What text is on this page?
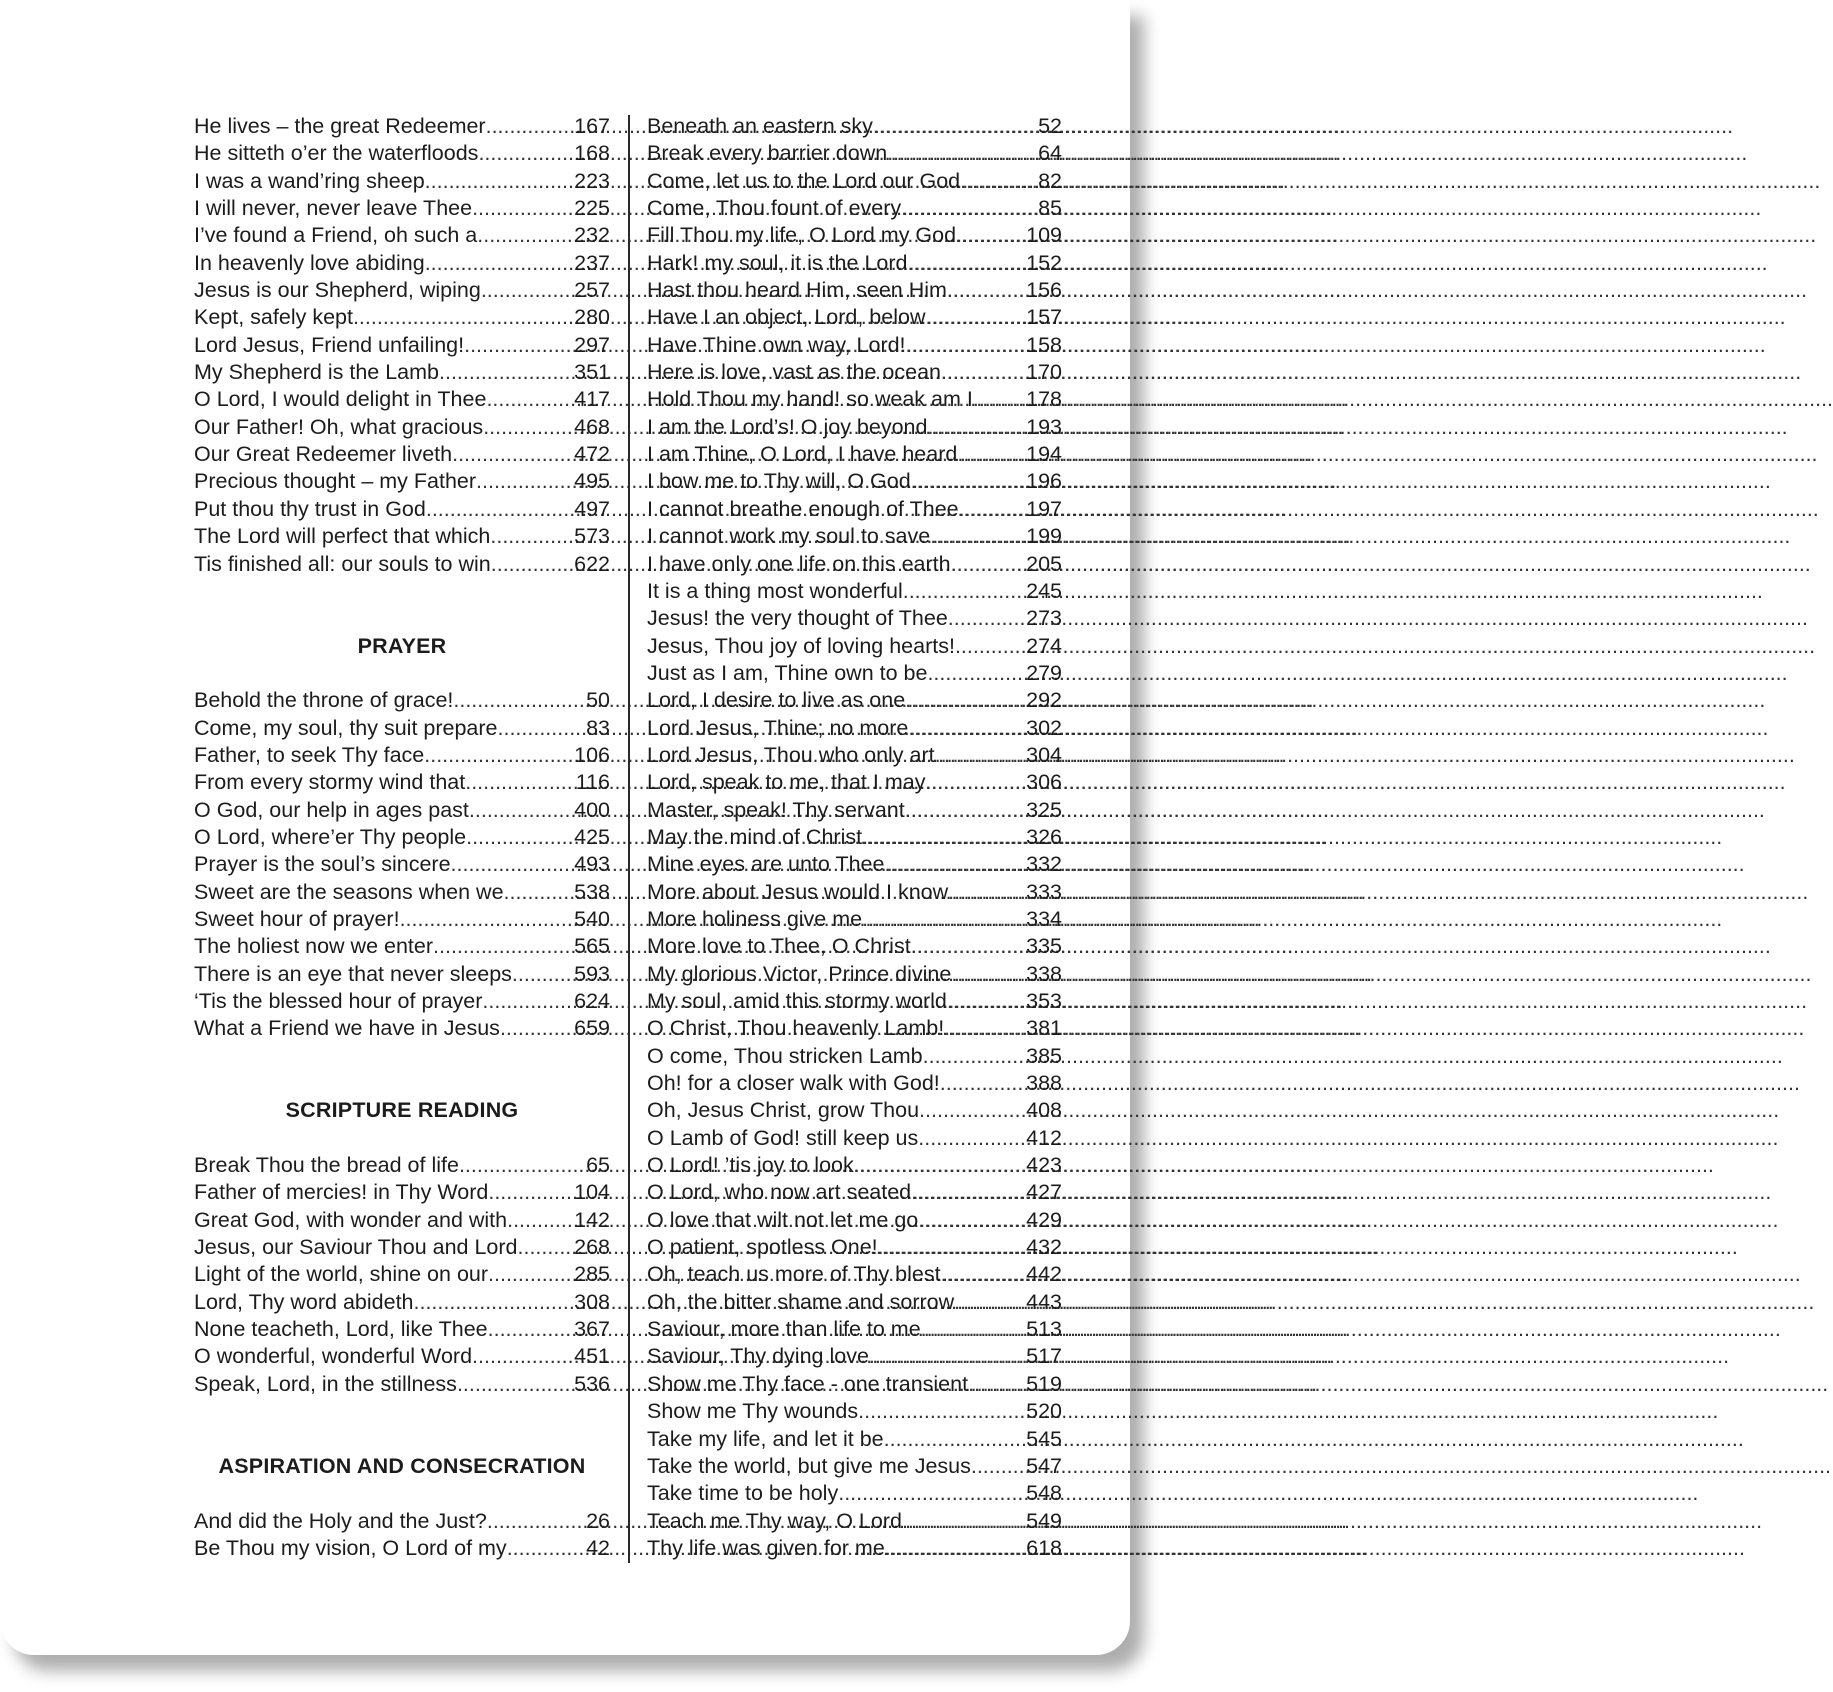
He lives – the great Redeemer .....	167
He sitteth o’er the waterfloods .....	168
I was a wand’ring sheep .....	223
I will never, never leave Thee .....	225
I’ve found a Friend, oh such a .....	232
In heavenly love abiding .....	237
Jesus is our Shepherd, wiping .....	257
Kept, safely kept .....	280
Lord Jesus, Friend unfailing! .....	297
My Shepherd is the Lamb .....	351
O Lord, I would delight in Thee .....	417
Our Father! Oh, what gracious .....	468
Our Great Redeemer liveth .....	472
Precious thought – my Father .....	495
Put thou thy trust in God .....	497
The Lord will perfect that which .....	573
Tis finished all: our souls to win .....	622
PRAYER
Behold the throne of grace! .....	50
Come, my soul, thy suit prepare .....	83
Father, to seek Thy face .....	106
From every stormy wind that .....	116
O God, our help in ages past .....	400
O Lord, where’er Thy people .....	425
Prayer is the soul’s sincere .....	493
Sweet are the seasons when we .....	538
Sweet hour of prayer! .....	540
The holiest now we enter .....	565
There is an eye that never sleeps .....	593
‘Tis the blessed hour of prayer .....	624
What a Friend we have in Jesus .....	659
SCRIPTURE READING
Break Thou the bread of life .....	65
Father of mercies! in Thy Word .....	104
Great God, with wonder and with .....	142
Jesus, our Saviour Thou and Lord .....	268
Light of the world, shine on our .....	285
Lord, Thy word abideth .....	308
None teacheth, Lord, like Thee .....	367
O wonderful, wonderful Word .....	451
Speak, Lord, in the stillness .....	536
ASPIRATION AND CONSECRATION
And did the Holy and the Just? .....	26
Be Thou my vision, O Lord of my .....	42
Beneath an eastern sky .....	52
Break every barrier down .....	64
Come, let us to the Lord our God .....	82
Come, Thou fount of every .....	85
Fill Thou my life, O Lord my God .....	109
Hark! my soul, it is the Lord .....	152
Hast thou heard Him, seen Him .....	156
Have I an object, Lord, below .....	157
Have Thine own way, Lord! .....	158
Here is love, vast as the ocean .....	170
Hold Thou my hand! so weak am I ..... 178
I am the Lord’s! O joy beyond .....	193
I am Thine, O Lord, I have heard .....	194
I bow me to Thy will, O God .....	196
I cannot breathe enough of Thee .....	197
I cannot work my soul to save .....	199
I have only one life on this earth .....	205
It is a thing most wonderful .....	245
Jesus! the very thought of Thee .....	273
Jesus, Thou joy of loving hearts! .....	274
Just as I am, Thine own to be .....	279
Lord, I desire to live as one .....	292
Lord Jesus, Thine; no more .....	302
Lord Jesus, Thou who only art .....	304
Lord, speak to me, that I may .....	306
Master, speak! Thy servant .....	325
May the mind of Christ .....	326
Mine eyes are unto Thee .....	332
More about Jesus would I know .....	333
More holiness give me .....	334
More love to Thee, O Christ .....	335
My glorious Victor, Prince divine .....	338
My soul, amid this stormy world .....	353
O Christ, Thou heavenly Lamb! .....	381
O come, Thou stricken Lamb .....	385
Oh! for a closer walk with God! .....	388
Oh, Jesus Christ, grow Thou .....	408
O Lamb of God! still keep us .....	412
O Lord! ’tis joy to look .....	423
O Lord, who now art seated .....	427
O love that wilt not let me go .....	429
O patient, spotless One! .....	432
Oh, teach us more of Thy blest .....	442
Oh, the bitter shame and sorrow .....	443
Saviour, more than life to me .....	513
Saviour, Thy dying love .....	517
Show me Thy face - one transient .....	519
Show me Thy wounds .....	520
Take my life, and let it be .....	545
Take the world, but give me Jesus .....	547
Take time to be holy .....	548
Teach me Thy way, O Lord .....	549
Thy life was given for me .....	618
